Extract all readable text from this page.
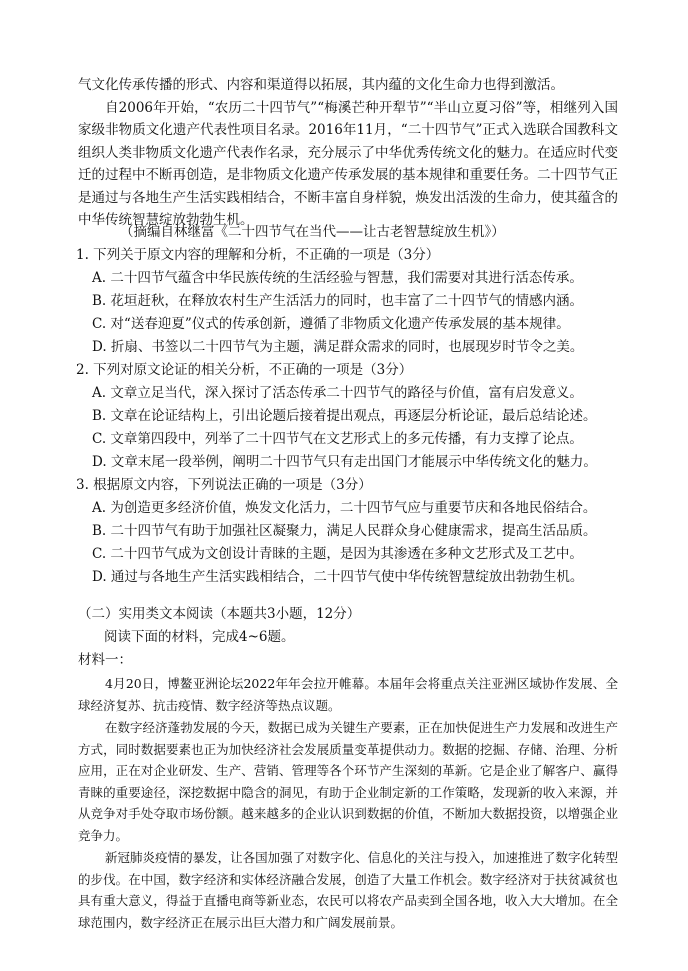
气文化传承传播的形式、内容和渠道得以拓展，其内蕴的文化生命力也得到激活。

自2006年开始，“农历二十四节气”“梅溪芒种开犁节”“半山立夏习俗”等，相继列入国家级非物质文化遗产代表性项目名录。2016年11月，“二十四节气”正式入选联合国教科文组织人类非物质文化遗产代表作名录，充分展示了中华优秀传统文化的魅力。在适应时代变迁的过程中不断再创造，是非物质文化遗产传承发展的基本规律和重要任务。二十四节气正是通过与各地生产生活实践相结合，不断丰富自身样貌，焕发出活泼的生命力，使其蕴含的中华传统智慧绽放勃勃生机。

（摘编自林继富《二十四节气在当代——让古老智慧绽放生机》）

1. 下列关于原文内容的理解和分析，不正确的一项是（3分）

A. 二十四节气蕴含中华民族传统的生活经验与智慧，我们需要对其进行活态传承。

B. 花垣赶秋，在释放农村生产生活活力的同时，也丰富了二十四节气的情感内涵。

C. 对“送春迎夏”仪式的传承创新，遵循了非物质文化遗产传承发展的基本规律。

D. 折扇、书签以二十四节气为主题，满足群众需求的同时，也展现岁时节令之美。

2. 下列对原文论证的相关分析，不正确的一项是（3分）

A. 文章立足当代，深入探讨了活态传承二十四节气的路径与价值，富有启发意义。

B. 文章在论证结构上，引出论题后接着提出观点，再逐层分析论证，最后总结论述。

C. 文章第四段中，列举了二十四节气在文艺形式上的多元传播，有力支撑了论点。

D. 文章末尾一段举例，阐明二十四节气只有走出国门才能展示中华传统文化的魅力。

3. 根据原文内容，下列说法正确的一项是（3分）

A. 为创造更多经济价值，焕发文化活力，二十四节气应与重要节庆和各地民俗结合。

B. 二十四节气有助于加强社区凝聚力，满足人民群众身心健康需求，提高生活品质。

C. 二十四节气成为文创设计青睐的主题，是因为其渗透在多种文艺形式及工艺中。

D. 通过与各地生产生活实践相结合，二十四节气使中华传统智慧绽放出勃勃生机。

（二）实用类文本阅读（本题共3小题，12分）

阅读下面的材料，完成4~6题。

材料一：

4月20日，博鳌亚洲论坛2022年年会拉开帷幕。本届年会将重点关注亚洲区域协作发展、全球经济复苏、抗击疫情、数字经济等热点议题。

在数字经济蓬勃发展的今天，数据已成为关键生产要素，正在加快促进生产力发展和改进生产方式，同时数据要素也正为加快经济社会发展质量变革提供动力。数据的挖掘、存储、治理、分析应用，正在对企业研发、生产、营销、管理等各个环节产生深刻的革新。它是企业了解客户、赢得青睐的重要途径，深挖数据中隐含的洞见，有助于企业制定新的工作策略，发现新的收入来源，并从竞争对手处夺取市场份额。越来越多的企业认识到数据的价值，不断加大数据投资，以增强企业竞争力。

新冠肺炎疫情的暴发，让各国加强了对数字化、信息化的关注与投入，加速推进了数字化转型的步伐。在中国，数字经济和实体经济融合发展，创造了大量工作机会。数字经济对于扶贫减贫也具有重大意义，得益于直播电商等新业态，农民可以将农产品卖到全国各地，收入大大增加。在全球范围内，数字经济正在展示出巨大潜力和广阔发展前景。
